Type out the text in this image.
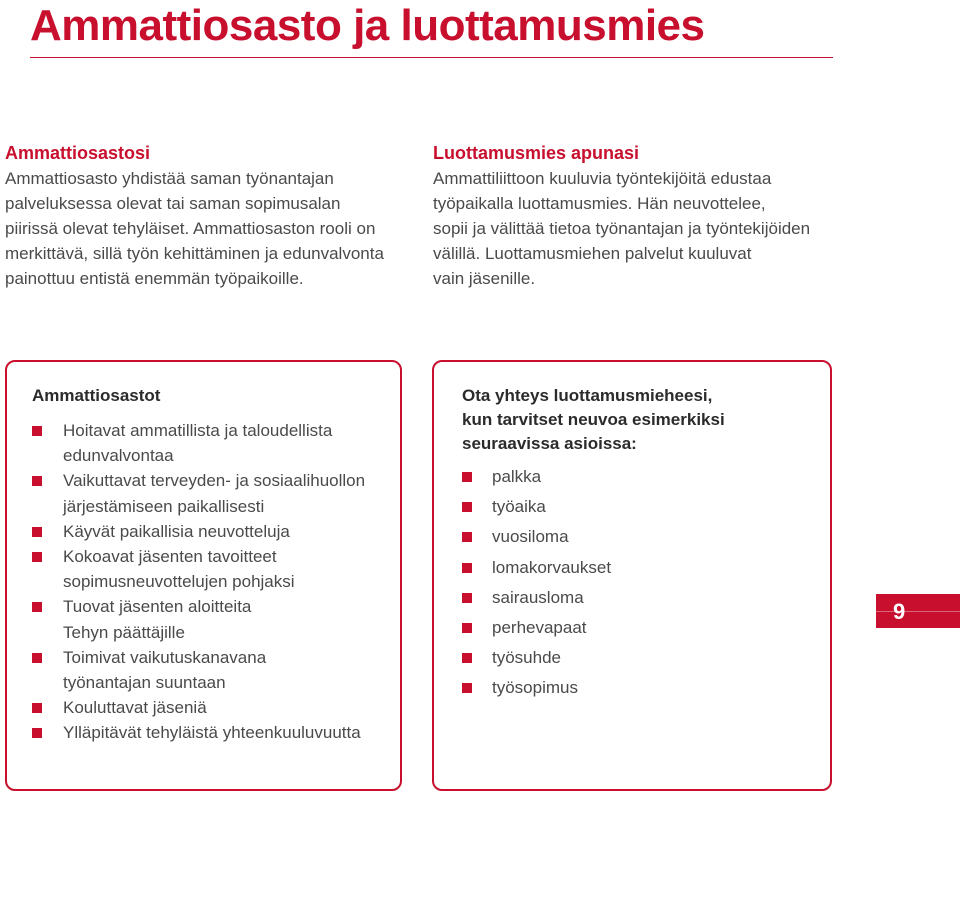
Ammattiosasto ja luottamusmies
Ammattiosastosi

Ammattiosasto yhdistää saman työnantajan
palveluksessa olevat tai saman sopimusalan
piirissä olevat tehyläiset. Ammattiosaston rooli on
merkittävä, sillä työn kehittäminen ja edunvalvonta
painottuu entistä enemmän työpaikoille.

Luottamusmies apunasi

Ammattiliittoon kuuluvia työntekijöitä edustaa
työpaikalla luottamusmies. Hän neuvottelee,
sopii ja välittää tietoa työnantajan ja työntekijöiden
välillä. Luottamusmiehen palvelut kuuluvat
vain jäsenille.

Ammattiosastot
Hoitavat ammatillista ja taloudellista
edunvalvontaa
Vaikuttavat terveyden- ja sosiaalihuollon
järjestämiseen paikallisesti
Käyvät paikallisia neuvotteluja
Kokoavat jäsenten tavoitteet
sopimusneuvottelujen pohjaksi
Tuovat jäsenten aloitteita
Tehyn päättäjille
Toimivat vaikutuskanavana
työnantajan suuntaan
Kouluttavat jäseniä
Ylläpitävät tehyläistä yhteenkuuluvuutta
Ota yhteys luottamusmieheesi,
kun tarvitset neuvoa esimerkiksi
seuraavissa asioissa:
palkka
työaika
vuosiloma
lomakorvaukset
sairausloma
perhevapaat
työsuhde
työsopimus
9
